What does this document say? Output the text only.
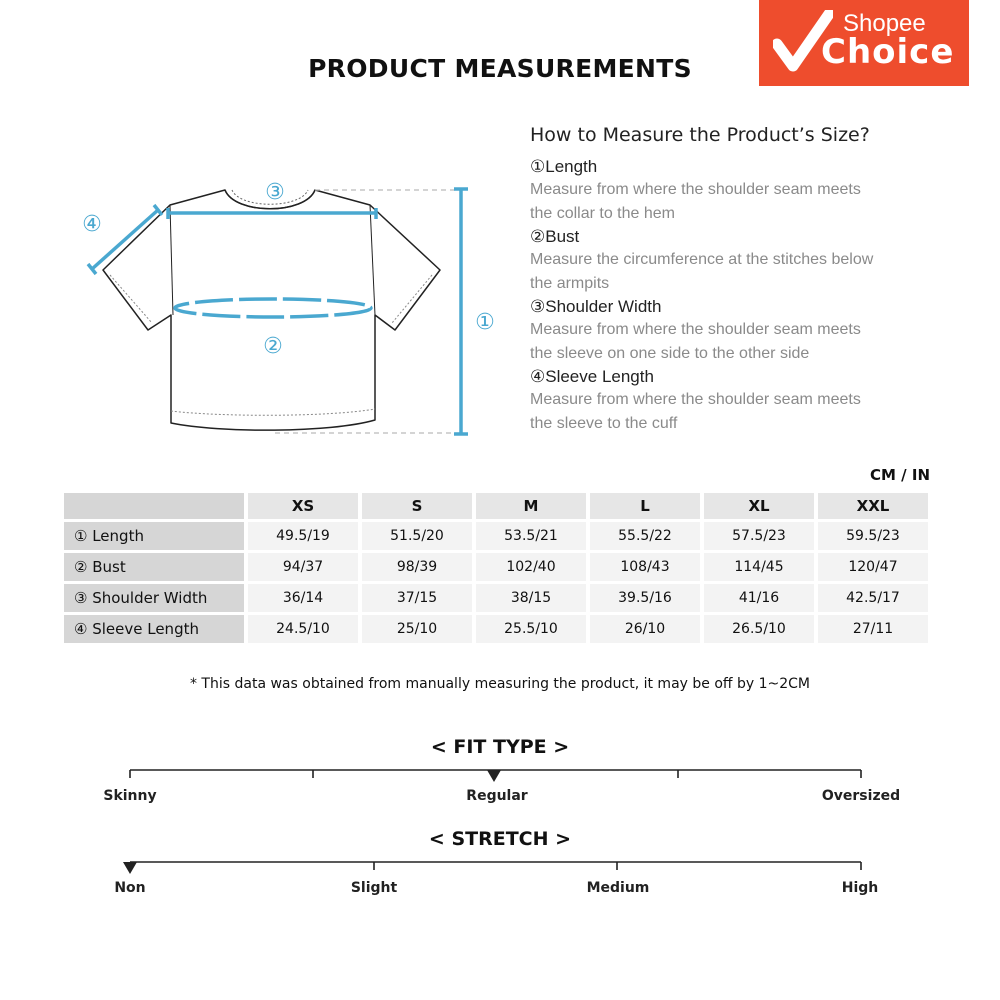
Shopee
Choice
PRODUCT MEASUREMENTS
①
②
③
④
How to Measure the Product’s Size?
①Length
Measure from where the shoulder seam meets
the collar to the hem
②Bust
Measure the circumference at the stitches below
the armpits
③Shoulder Width
Measure from where the shoulder seam meets
the sleeve on one side to the other side
④Sleeve Length
Measure from where the shoulder seam meets
the sleeve to the cuff
CM / IN
	XS	S	M	L	XL	XXL
① Length	49.5/19	51.5/20	53.5/21	55.5/22	57.5/23	59.5/23
② Bust	94/37	98/39	102/40	108/43	114/45	120/47
③ Shoulder Width	36/14	37/15	38/15	39.5/16	41/16	42.5/17
④ Sleeve Length	24.5/10	25/10	25.5/10	26/10	26.5/10	27/11
* This data was obtained from manually measuring the product, it may be off by 1~2CM
< FIT TYPE >
Skinny	Regular	Oversized
< STRETCH >
Non	Slight	Medium	High
